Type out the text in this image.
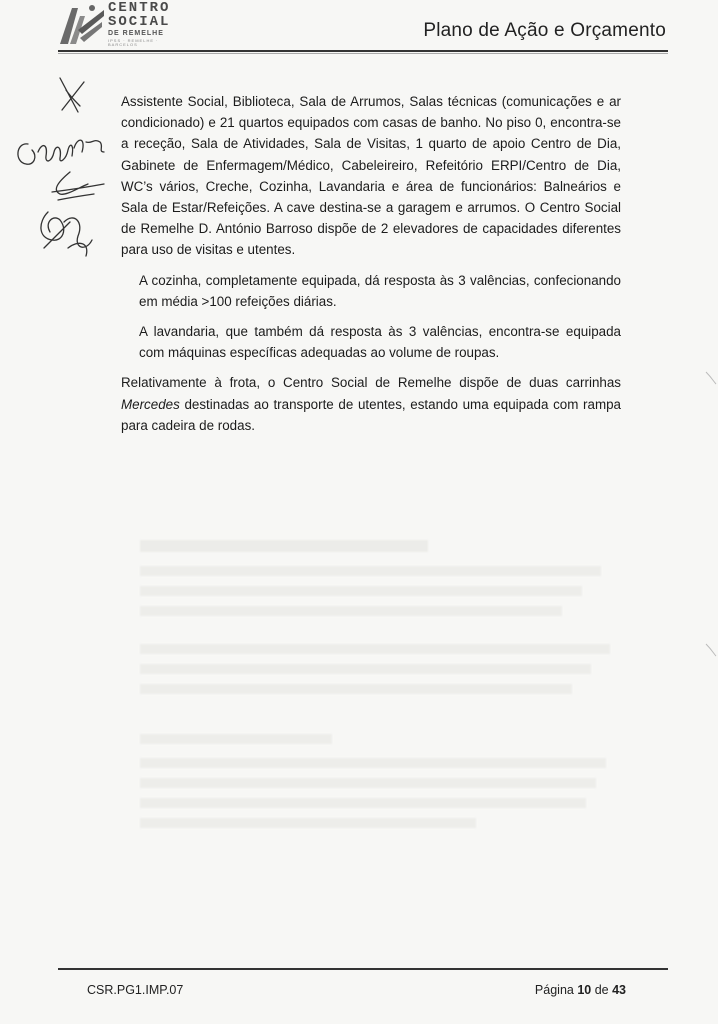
CENTRO
SOCIAL
DE REMELHE
IPSS · REMELHE · BARCELOS
Plano de Ação e Orçamento

Assistente Social, Biblioteca, Sala de Arrumos, Salas técnicas (comunicações e ar condicionado) e 21 quartos equipados com casas de banho. No piso 0, encontra-se a receção, Sala de Atividades, Sala de Visitas, 1 quarto de apoio Centro de Dia, Gabinete de Enfermagem/Médico, Cabeleireiro, Refeitório ERPI/Centro de Dia, WC’s vários, Creche, Cozinha, Lavandaria e área de funcionários: Balneários e Sala de Estar/Refeições. A cave destina-se a garagem e arrumos. O Centro Social de Remelhe D. António Barroso dispõe de 2 elevadores de capacidades diferentes para uso de visitas e utentes.

A cozinha, completamente equipada, dá resposta às 3 valências, confecionando em média >100 refeições diárias.

A lavandaria, que também dá resposta às 3 valências, encontra-se equipada com máquinas específicas adequadas ao volume de roupas.

Relativamente à frota, o Centro Social de Remelhe dispõe de duas carrinhas Mercedes destinadas ao transporte de utentes, estando uma equipada com rampa para cadeira de rodas.

CSR.PG1.IMP.07	Página 10 de 43
